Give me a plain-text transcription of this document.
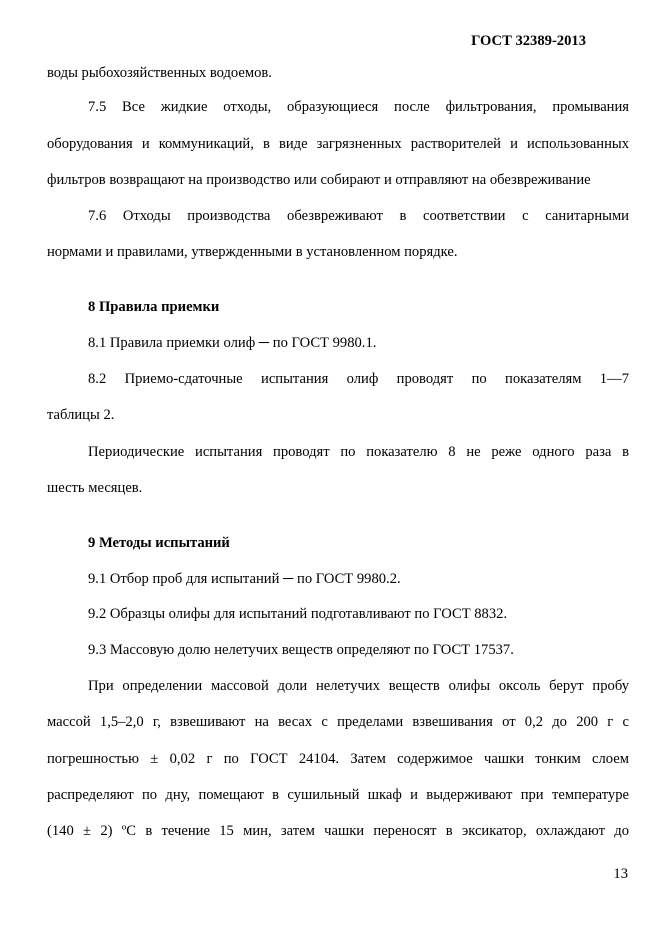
ГОСТ 32389-2013
воды рыбохозяйственных водоемов.
7.5 Все жидкие отходы, образующиеся после фильтрования, промывания
оборудования и коммуникаций, в виде загрязненных растворителей и использованных
фильтров возвращают на производство или собирают и отправляют на обезвреживание
7.6 Отходы производства обезвреживают в соответствии с санитарными
нормами и правилами, утвержденными в установленном порядке.
8 Правила приемки
8.1 Правила приемки олиф ─ по ГОСТ 9980.1.
8.2 Приемо-сдаточные испытания олиф проводят по показателям 1—7
таблицы 2.
Периодические испытания проводят по показателю 8 не реже одного раза в
шесть месяцев.
9 Методы испытаний
9.1 Отбор проб для испытаний ─ по ГОСТ 9980.2.
9.2 Образцы олифы для испытаний подготавливают по ГОСТ 8832.
9.3 Массовую долю нелетучих веществ определяют по ГОСТ 17537.
При определении массовой доли нелетучих веществ олифы оксоль берут пробу
массой 1,5–2,0 г, взвешивают на весах с пределами взвешивания от 0,2 до 200 г с
погрешностью ± 0,02 г по ГОСТ 24104. Затем содержимое чашки тонким слоем
распределяют по дну, помещают в сушильный шкаф и выдерживают при температуре
(140 ± 2) ºС в течение 15 мин, затем чашки переносят в эксикатор, охлаждают до
13
